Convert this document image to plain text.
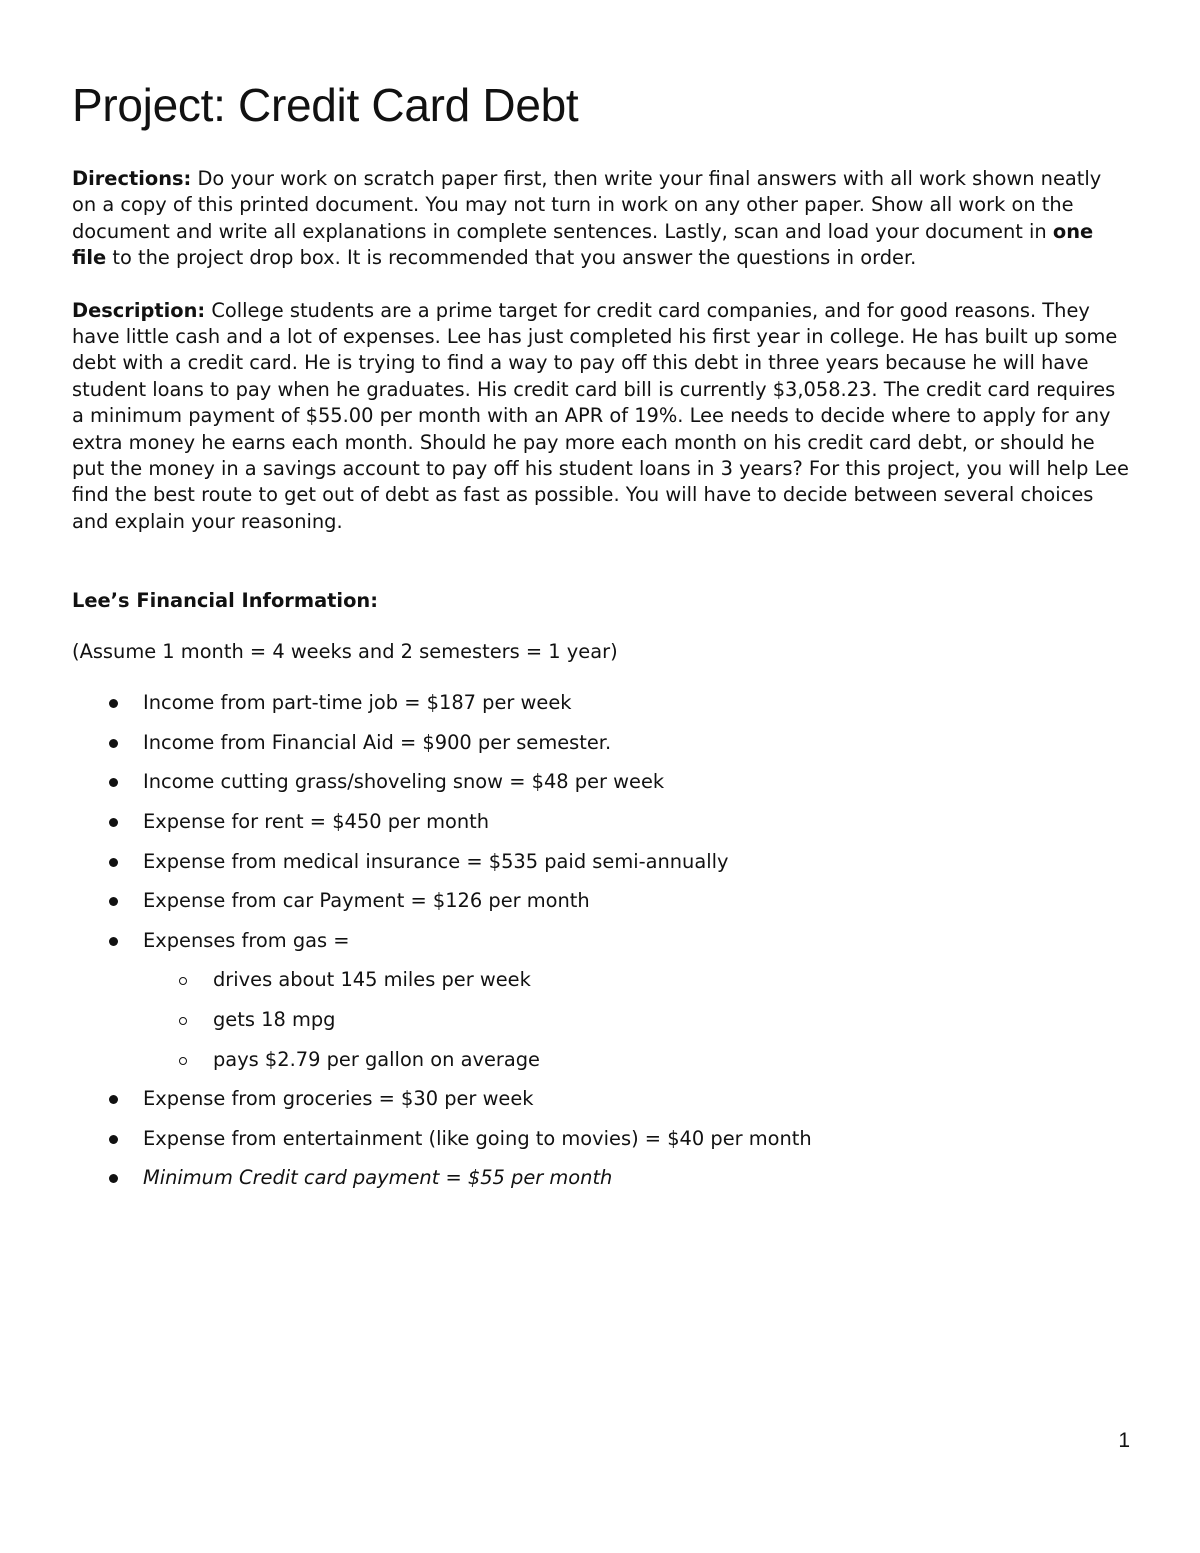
Project: Credit Card Debt

Directions: Do your work on scratch paper first, then write your final answers with all work shown neatly on a copy of this printed document. You may not turn in work on any other paper. Show all work on the document and write all explanations in complete sentences. Lastly, scan and load your document in one file to the project drop box. It is recommended that you answer the questions in order.

Description: College students are a prime target for credit card companies, and for good reasons. They have little cash and a lot of expenses. Lee has just completed his first year in college. He has built up some debt with a credit card. He is trying to find a way to pay off this debt in three years because he will have student loans to pay when he graduates. His credit card bill is currently $3,058.23. The credit card requires a minimum payment of $55.00 per month with an APR of 19%. Lee needs to decide where to apply for any extra money he earns each month. Should he pay more each month on his credit card debt, or should he put the money in a savings account to pay off his student loans in 3 years? For this project, you will help Lee find the best route to get out of debt as fast as possible. You will have to decide between several choices and explain your reasoning.

Lee’s Financial Information:
(Assume 1 month = 4 weeks and 2 semesters = 1 year)
Income from part-time job = $187 per week
Income from Financial Aid = $900 per semester.
Income cutting grass/shoveling snow = $48 per week
Expense for rent = $450 per month
Expense from medical insurance = $535 paid semi-annually
Expense from car Payment = $126 per month
Expenses from gas =
drives about 145 miles per week
gets 18 mpg
pays $2.79 per gallon on average
Expense from groceries = $30 per week
Expense from entertainment (like going to movies) = $40 per month
Minimum Credit card payment = $55 per month
1
